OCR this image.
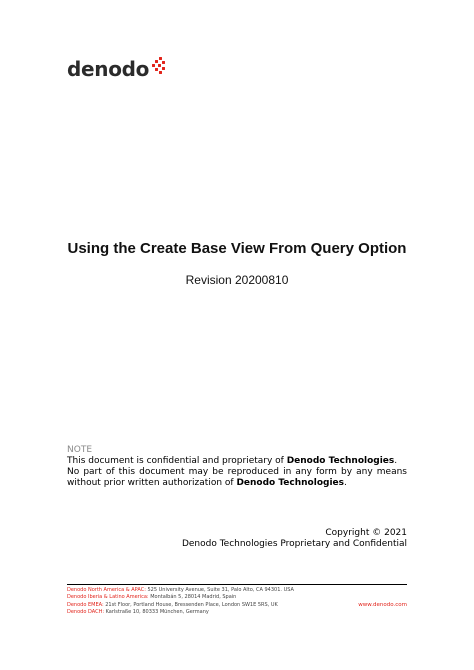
denodo
Using the Create Base View From Query Option
Revision 20200810

NOTE

This document is confidential and proprietary of Denodo Technologies.

No part of this document may be reproduced in any form by any means without prior written authorization of Denodo Technologies.

Copyright © 2021
Denodo Technologies Proprietary and Confidential
Denodo North America & APAC: 525 University Avenue, Suite 31, Palo Alto, CA 94301. USA
Denodo Iberia & Latino America: Montalbán 5, 28014 Madrid, Spain
Denodo EMEA: 21st Floor, Portland House, Bressenden Place, London SW1E 5RS, UK
Denodo DACH: Karlstraße 10, 80333 München, Germany
www.denodo.com
